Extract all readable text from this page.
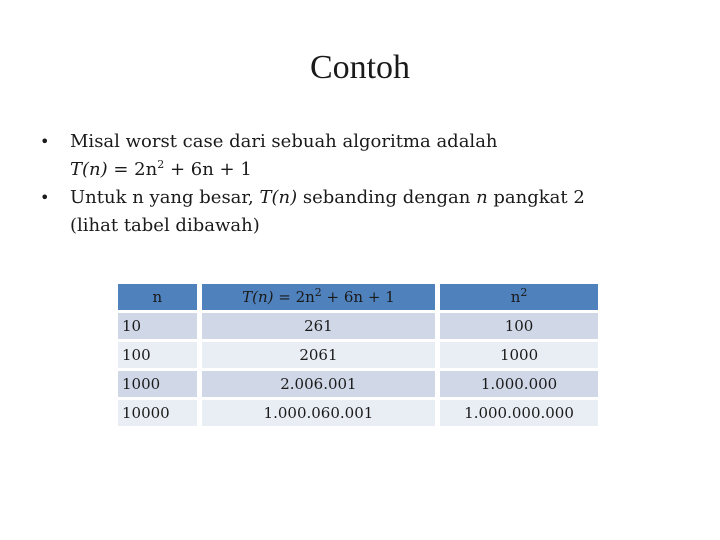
Contoh
• Misal worst case dari sebuah algoritma adalah
$T(n) = 2n^2 + 6n + 1$
• Untuk n yang besar, T(n) sebanding dengan n pangkat 2
(lihat tabel dibawah)
n		$T(n) = 2n^2 + 6n + 1$		$n^2$
10		261		100
100		2061		1000
1000		2.006.001		1.000.000
10000		1.000.060.001		1.000.000.000
